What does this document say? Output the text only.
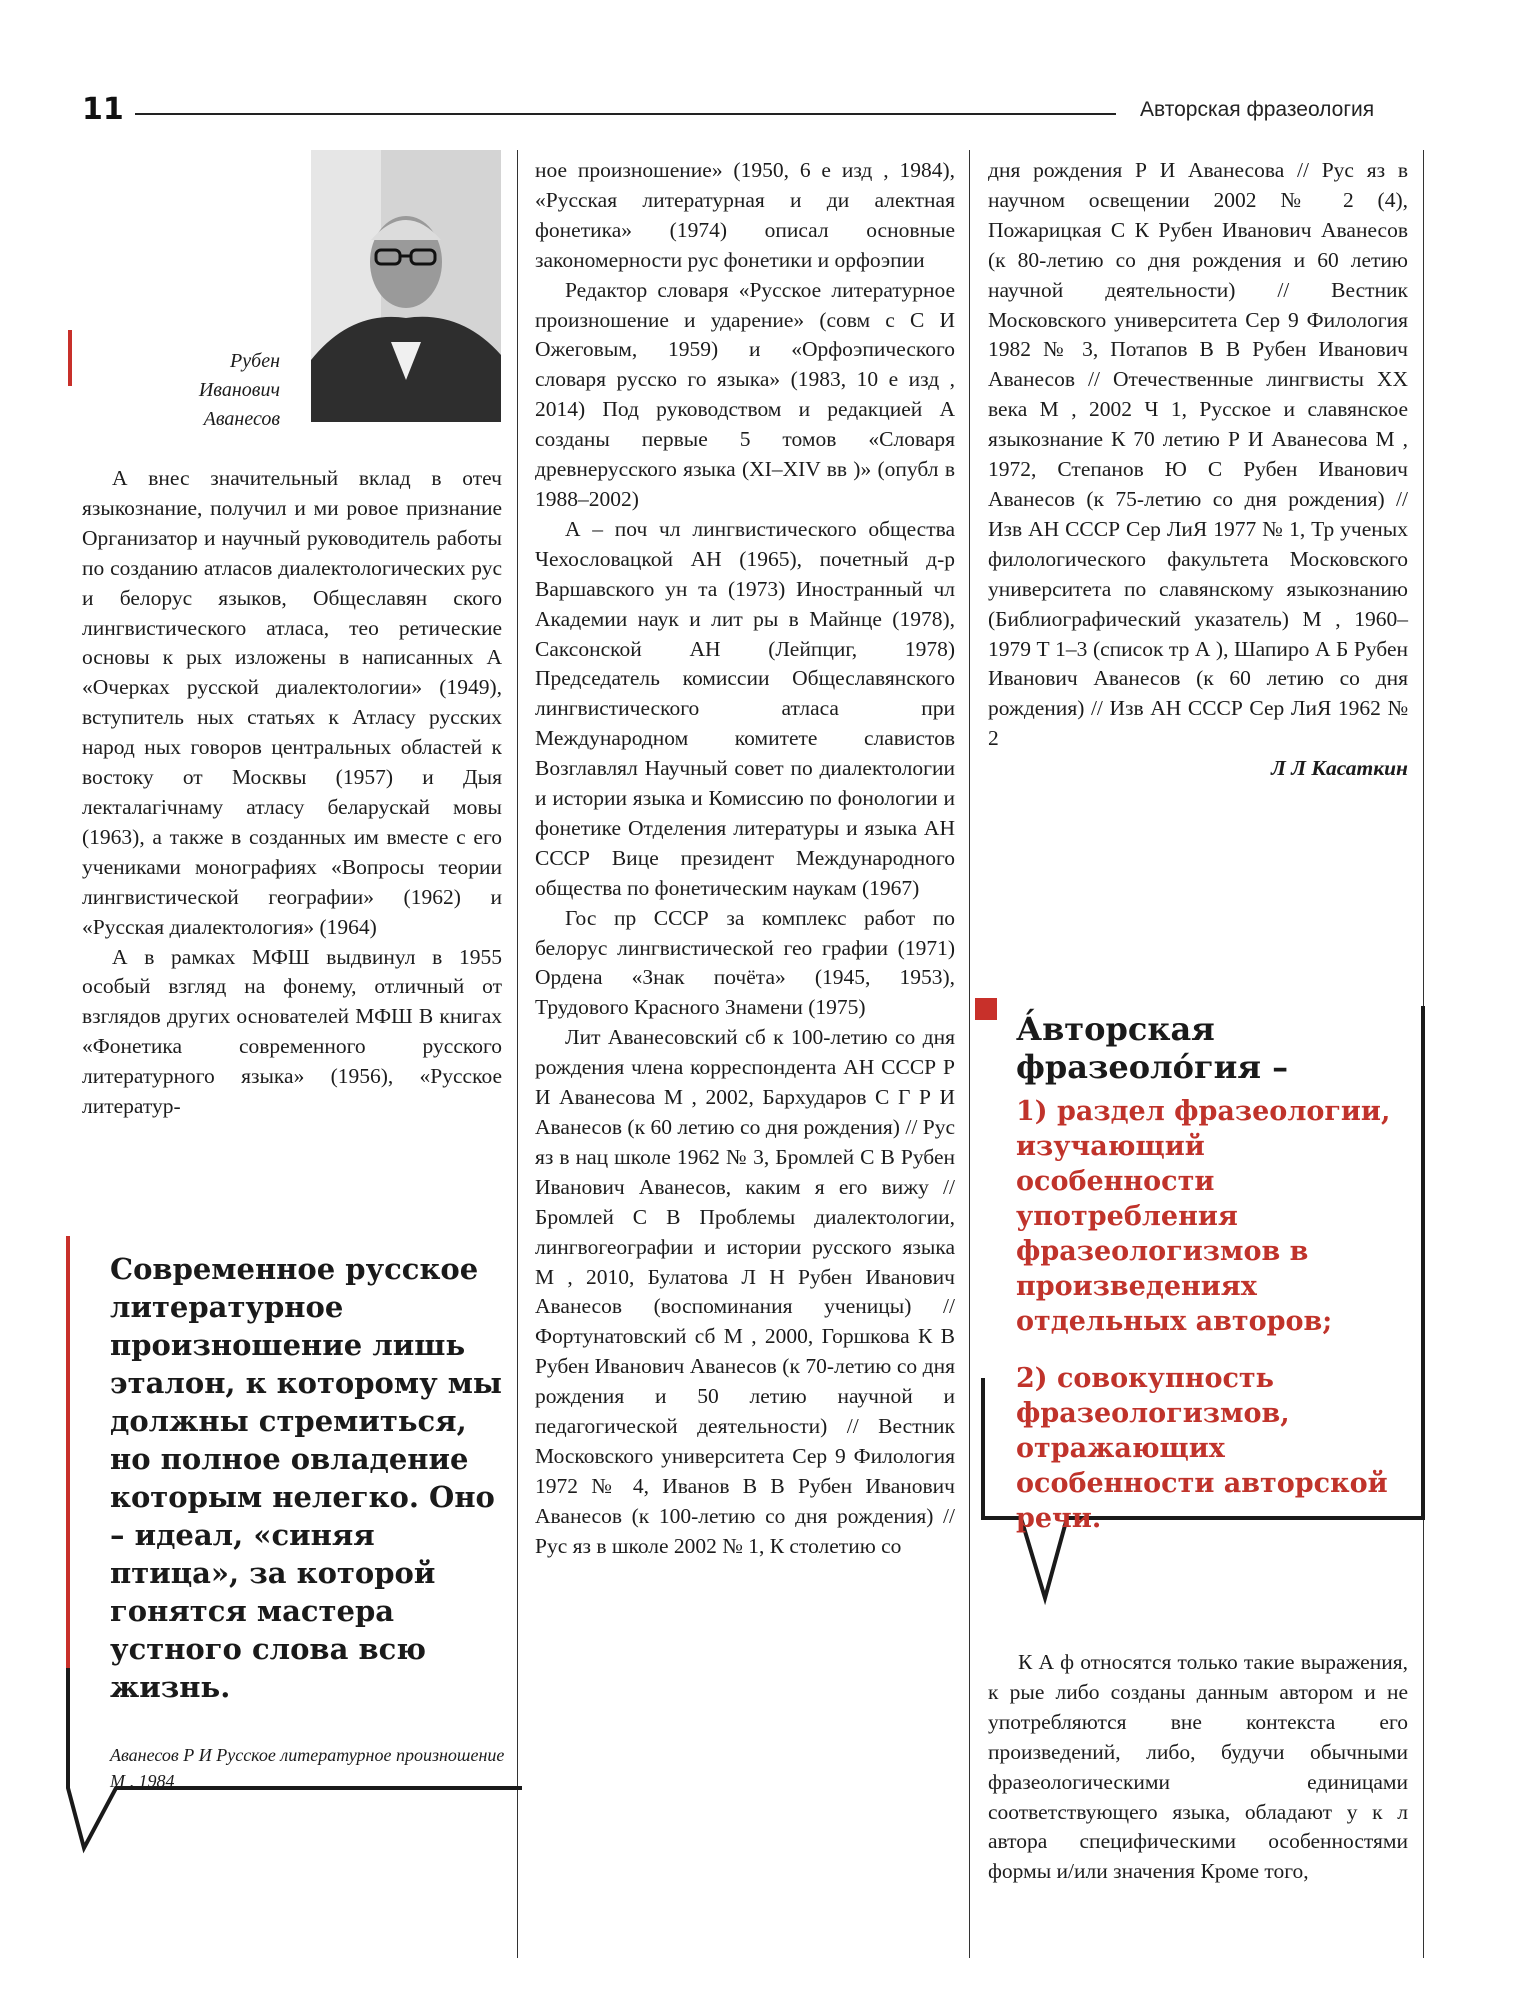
11	Авторская фразеология
Рубен Иванович Аванесов

А внес значительный вклад в отеч языкознание, получил и ми ровое признание Организатор и научный руководитель работы по созданию атласов диалектологических рус и белорус языков, Общеславян ского лингвистического атласа, тео ретические основы к рых изложены в написанных А «Очерках русской диалектологии» (1949), вступитель ных статьях к Атласу русских народ ных говоров центральных областей к востоку от Москвы (1957) и Дыя лекталагічнаму атласу беларускай мовы (1963), а также в созданных им вместе с его учениками монографиях «Вопросы теории лингвистической географии» (1962) и «Русская диалектология» (1964)

А в рамках МФШ выдвинул в 1955 особый взгляд на фонему, отличный от взглядов других основателей МФШ В книгах «Фонетика современного русского литературного языка» (1956), «Русское литератур-

Современное русское литературное произношение лишь эталон, к которому мы должны стремиться, но полное овладение которым нелегко. Оно – идеал, «синяя птица», за которой гонятся мастера устного слова всю жизнь.
Аванесов Р И Русское литературное произношение М , 1984

ное произношение» (1950, 6 е изд , 1984), «Русская литературная и ди алектная фонетика» (1974) описал основные закономерности рус фонетики и орфоэпии

Редактор словаря «Русское литературное произношение и ударение» (совм с С И Ожеговым, 1959) и «Орфоэпического словаря русско го языка» (1983, 10 е изд , 2014) Под руководством и редакцией А созданы первые 5 томов «Словаря древнерусского языка (XI–XIV вв )» (опубл в 1988–2002)

А – поч чл лингвистического общества Чехословацкой АН (1965), почетный д-р Варшавского ун та (1973) Иностранный чл Академии наук и лит ры в Майнце (1978), Саксонской АН (Лейпциг, 1978) Председатель комиссии Общеславянского лингвистического атласа при Международном комитете славистов Возглавлял Научный совет по диалектологии и истории языка и Комиссию по фонологии и фонетике Отделения литературы и языка АН СССР Вице президент Международного общества по фонетическим наукам (1967)

Гос пр СССР за комплекс работ по белорус лингвистической гео графии (1971) Ордена «Знак почёта» (1945, 1953), Трудового Красного Знамени (1975)

Лит Аванесовский сб к 100-летию со дня рождения члена корреспондента АН СССР Р И Аванесова М , 2002, Бархударов С Г Р И Аванесов (к 60 летию со дня рождения) // Рус яз в нац школе 1962 № 3, Бромлей С В Рубен Иванович Аванесов, каким я его вижу // Бромлей С В Проблемы диалектологии, лингвогеографии и истории русского языка М , 2010, Булатова Л Н Рубен Иванович Аванесов (воспоминания ученицы) // Фортунатовский сб М , 2000, Горшкова К В Рубен Иванович Аванесов (к 70-летию со дня рождения и 50 летию научной и педагогической деятельности) // Вестник Московского университета Сер 9 Филология 1972 № 4, Иванов В В Рубен Иванович Аванесов (к 100-летию со дня рождения) // Рус яз в школе 2002 № 1, К столетию со

дня рождения Р И Аванесова // Рус яз в научном освещении 2002 № 2 (4), Пожарицкая С К Рубен Иванович Аванесов (к 80-летию со дня рождения и 60 летию научной деятельности) // Вестник Московского университета Сер 9 Филология 1982 № 3, Потапов В В Рубен Иванович Аванесов // Отечественные лингвисты XX века М , 2002 Ч 1, Русское и славянское языкознание К 70 летию Р И Аванесова М , 1972, Степанов Ю С Рубен Иванович Аванесов (к 75-летию со дня рождения) // Изв АН СССР Сер ЛиЯ 1977 № 1, Тр ученых филологического факультета Московского университета по славянскому языкознанию (Библиографический указатель) М , 1960–1979 Т 1–3 (список тр А ), Шапиро А Б Рубен Иванович Аванесов (к 60 летию со дня рождения) // Изв АН СССР Сер ЛиЯ 1962 № 2

Л Л Касаткин
А́вторская фразеоло́гия –
1) раздел фразеологии, изучающий особенности употребления фразеологизмов в произведениях отдельных авторов;
2) совокупность фразеологизмов, отражающих особенности авторской речи.

К А ф относятся только такие выражения, к рые либо созданы данным автором и не употребляются вне контекста его произведений, либо, будучи обычными фразеологическими единицами соответствующего языка, обладают у к л автора специфическими особенностями формы и/или значения Кроме того,
